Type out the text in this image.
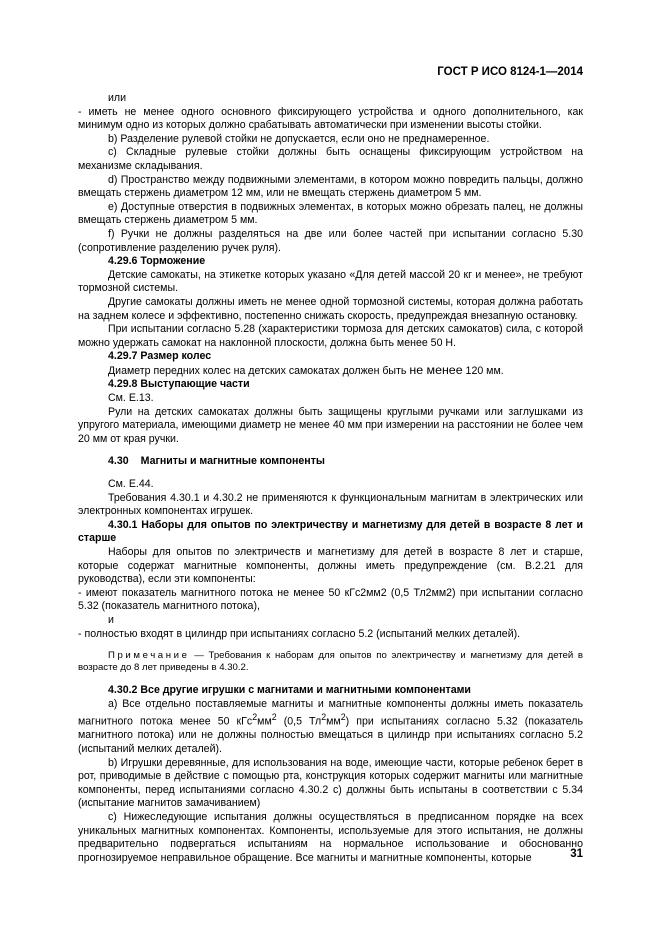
ГОСТ Р ИСО 8124-1—2014

или

- иметь не менее одного основного фиксирующего устройства и одного дополнительного, как минимум одно из которых должно срабатывать автоматически при изменении высоты стойки.

b) Разделение рулевой стойки не допускается, если оно не преднамеренное.

c) Складные рулевые стойки должны быть оснащены фиксирующим устройством на механизме складывания.

d) Пространство между подвижными элементами, в котором можно повредить пальцы, должно вмещать стержень диаметром 12 мм, или не вмещать стержень диаметром 5 мм.

e) Доступные отверстия в подвижных элементах, в которых можно обрезать палец, не должны вмещать стержень диаметром 5 мм.

f) Ручки не должны разделяться на две или более частей при испытании согласно 5.30 (сопротивление разделению ручек руля).

4.29.6 Торможение

Детские самокаты, на этикетке которых указано «Для детей массой 20 кг и менее», не требуют тормозной системы.

Другие самокаты должны иметь не менее одной тормозной системы, которая должна работать на заднем колесе и эффективно, постепенно снижать скорость, предупреждая внезапную остановку.

При испытании согласно 5.28 (характеристики тормоза для детских самокатов) сила, с которой можно удержать самокат на наклонной плоскости, должна быть менее 50 Н.

4.29.7 Размер колес

Диаметр передних колес на детских самокатах должен быть не менее 120 мм.

4.29.8 Выступающие части

См. Е.13.

Рули на детских самокатах должны быть защищены круглыми ручками или заглушками из упругого материала, имеющими диаметр не менее 40 мм при измерении на расстоянии не более чем 20 мм от края ручки.

4.30 Магниты и магнитные компоненты

См. Е.44.

Требования 4.30.1 и 4.30.2 не применяются к функциональным магнитам в электрических или электронных компонентах игрушек.

4.30.1 Наборы для опытов по электричеству и магнетизму для детей в возрасте 8 лет и старше

Наборы для опытов по электричеств и магнетизму для детей в возрасте 8 лет и старше, которые содержат магнитные компоненты, должны иметь предупреждение (см. В.2.21 для руководства), если эти компоненты:

- имеют показатель магнитного потока не менее 50 кГс2мм2 (0,5 Тл2мм2) при испытании согласно 5.32 (показатель магнитного потока),

и

- полностью входят в цилиндр при испытаниях согласно 5.2 (испытаний мелких деталей).

Примечание — Требования к наборам для опытов по электричеству и магнетизму для детей в возрасте до 8 лет приведены в 4.30.2.

4.30.2 Все другие игрушки с магнитами и магнитными компонентами

a) Все отдельно поставляемые магниты и магнитные компоненты должны иметь показатель магнитного потока менее 50 $кГс^2мм^2$ (0,5 $Тл^2мм^2$) при испытаниях согласно 5.32 (показатель магнитного потока) или не должны полностью вмещаться в цилиндр при испытаниях согласно 5.2 (испытаний мелких деталей).

b) Игрушки деревянные, для использования на воде, имеющие части, которые ребенок берет в рот, приводимые в действие с помощью рта, конструкция которых содержит магниты или магнитные компоненты, перед испытаниями согласно 4.30.2 с) должны быть испытаны в соответствии с 5.34 (испытание магнитов замачиванием)

c) Нижеследующие испытания должны осуществляться в предписанном порядке на всех уникальных магнитных компонентах. Компоненты, используемые для этого испытания, не должны предварительно подвергаться испытаниям на нормальное использование и обоснованно прогнозируемое неправильное обращение. Все магниты и магнитные компоненты, которые	31
